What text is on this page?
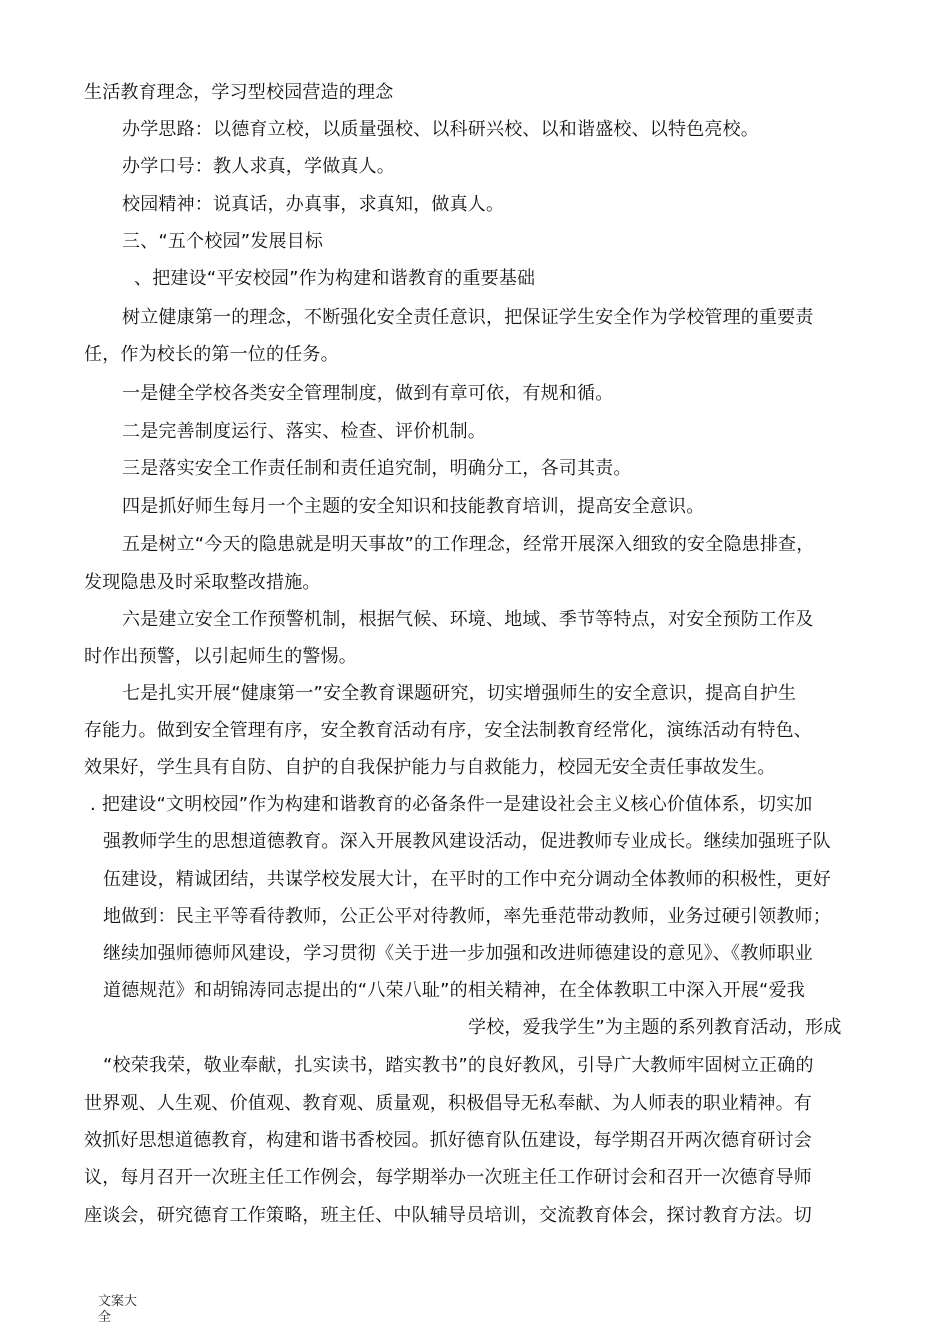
生活教育理念，学习型校园营造的理念
办学思路：以德育立校，以质量强校、以科研兴校、以和谐盛校、以特色亮校。
办学口号：教人求真，学做真人。
校园精神：说真话，办真事，求真知，做真人。
三、“五个校园”发展目标
、把建设“平安校园”作为构建和谐教育的重要基础
树立健康第一的理念，不断强化安全责任意识，把保证学生安全作为学校管理的重要责
任，作为校长的第一位的任务。
一是健全学校各类安全管理制度，做到有章可依，有规和循。
二是完善制度运行、落实、检查、评价机制。
三是落实安全工作责任制和责任追究制，明确分工，各司其责。
四是抓好师生每月一个主题的安全知识和技能教育培训，提高安全意识。
五是树立“今天的隐患就是明天事故”的工作理念，经常开展深入细致的安全隐患排查，
发现隐患及时采取整改措施。
六是建立安全工作预警机制，根据气候、环境、地域、季节等特点，对安全预防工作及
时作出预警，以引起师生的警惕。
七是扎实开展“健康第一”安全教育课题研究，切实增强师生的安全意识，提高自护生
存能力。做到安全管理有序，安全教育活动有序，安全法制教育经常化，演练活动有特色、
效果好，学生具有自防、自护的自我保护能力与自救能力，校园无安全责任事故发生。
. 把建设“文明校园”作为构建和谐教育的必备条件一是建设社会主义核心价值体系，切实加
强教师学生的思想道德教育。深入开展教风建设活动，促进教师专业成长。继续加强班子队
伍建设，精诚团结，共谋学校发展大计，在平时的工作中充分调动全体教师的积极性，更好
地做到：民主平等看待教师，公正公平对待教师，率先垂范带动教师，业务过硬引领教师；
继续加强师德师风建设，学习贯彻《关于进一步加强和改进师德建设的意见》、《教师职业
道德规范》和胡锦涛同志提出的“八荣八耻”的相关精神，在全体教职工中深入开展“爱我
学校，爱我学生”为主题的系列教育活动，形成
“校荣我荣，敬业奉献，扎实读书，踏实教书”的良好教风，引导广大教师牢固树立正确的
世界观、人生观、价值观、教育观、质量观，积极倡导无私奉献、为人师表的职业精神。有
效抓好思想道德教育，构建和谐书香校园。抓好德育队伍建设，每学期召开两次德育研讨会
议，每月召开一次班主任工作例会，每学期举办一次班主任工作研讨会和召开一次德育导师
座谈会，研究德育工作策略，班主任、中队辅导员培训，交流教育体会，探讨教育方法。切
文案大全
